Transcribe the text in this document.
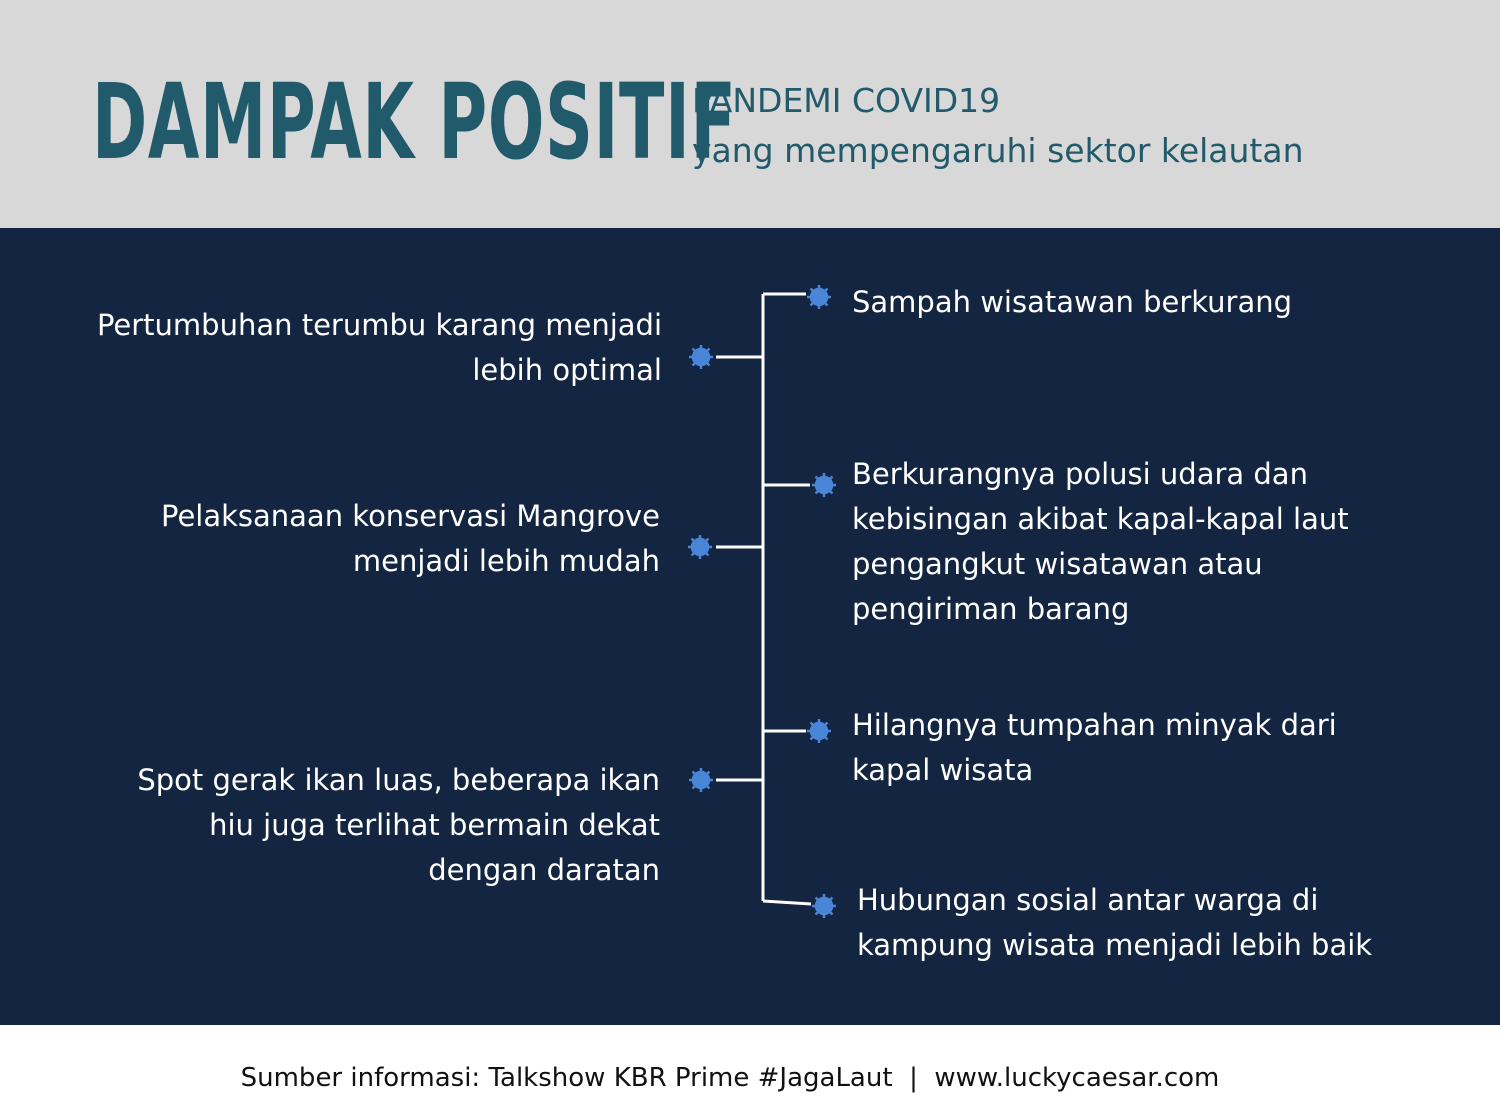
DAMPAK POSITIF
PANDEMI COVID19
yang mempengaruhi sektor kelautan
Pertumbuhan terumbu karang menjadi
lebih optimal
Pelaksanaan konservasi Mangrove
menjadi lebih mudah
Spot gerak ikan luas, beberapa ikan
hiu juga terlihat bermain dekat
dengan daratan
Sampah wisatawan berkurang
Berkurangnya polusi udara dan
kebisingan akibat kapal-kapal laut
pengangkut wisatawan atau
pengiriman barang
Hilangnya tumpahan minyak dari
kapal wisata
Hubungan sosial antar warga di
kampung wisata menjadi lebih baik
Sumber informasi: Talkshow KBR Prime #JagaLaut  |  www.luckycaesar.com
